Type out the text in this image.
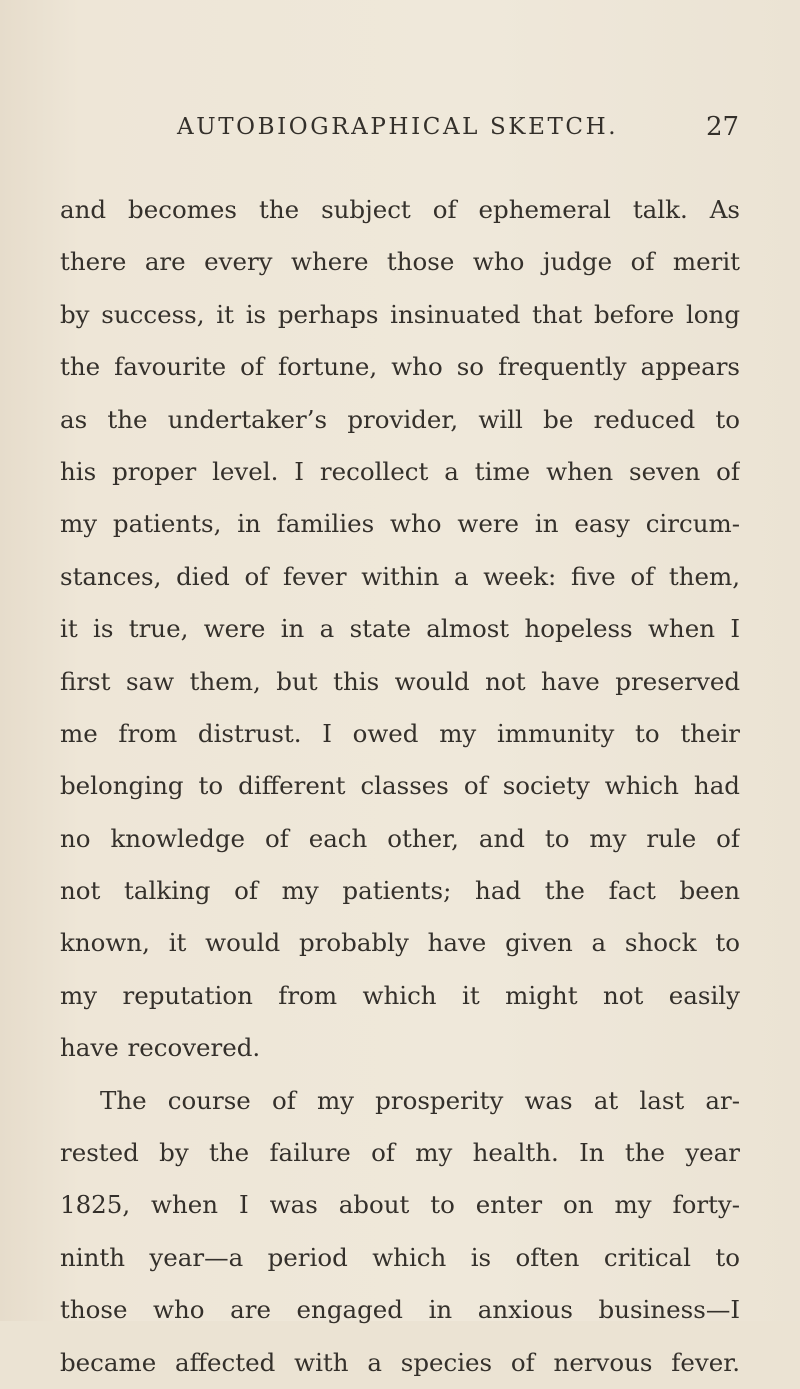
AUTOBIOGRAPHICAL SKETCH.	27

and becomes the subject of ephemeral talk. As
there are every where those who judge of merit
by success, it is perhaps insinuated that before long
the favourite of fortune, who so frequently appears
as the undertaker’s provider, will be reduced to
his proper level. I recollect a time when seven of
my patients, in families who were in easy circum-
stances, died of fever within a week: five of them,
it is true, were in a state almost hopeless when I
first saw them, but this would not have preserved
me from distrust. I owed my immunity to their
belonging to different classes of society which had
no knowledge of each other, and to my rule of
not talking of my patients; had the fact been
known, it would probably have given a shock to
my reputation from which it might not easily
have recovered.

The course of my prosperity was at last ar-
rested by the failure of my health. In the year
1825, when I was about to enter on my forty-
ninth year—a period which is often critical to
those who are engaged in anxious business—I
became affected with a species of nervous fever.
